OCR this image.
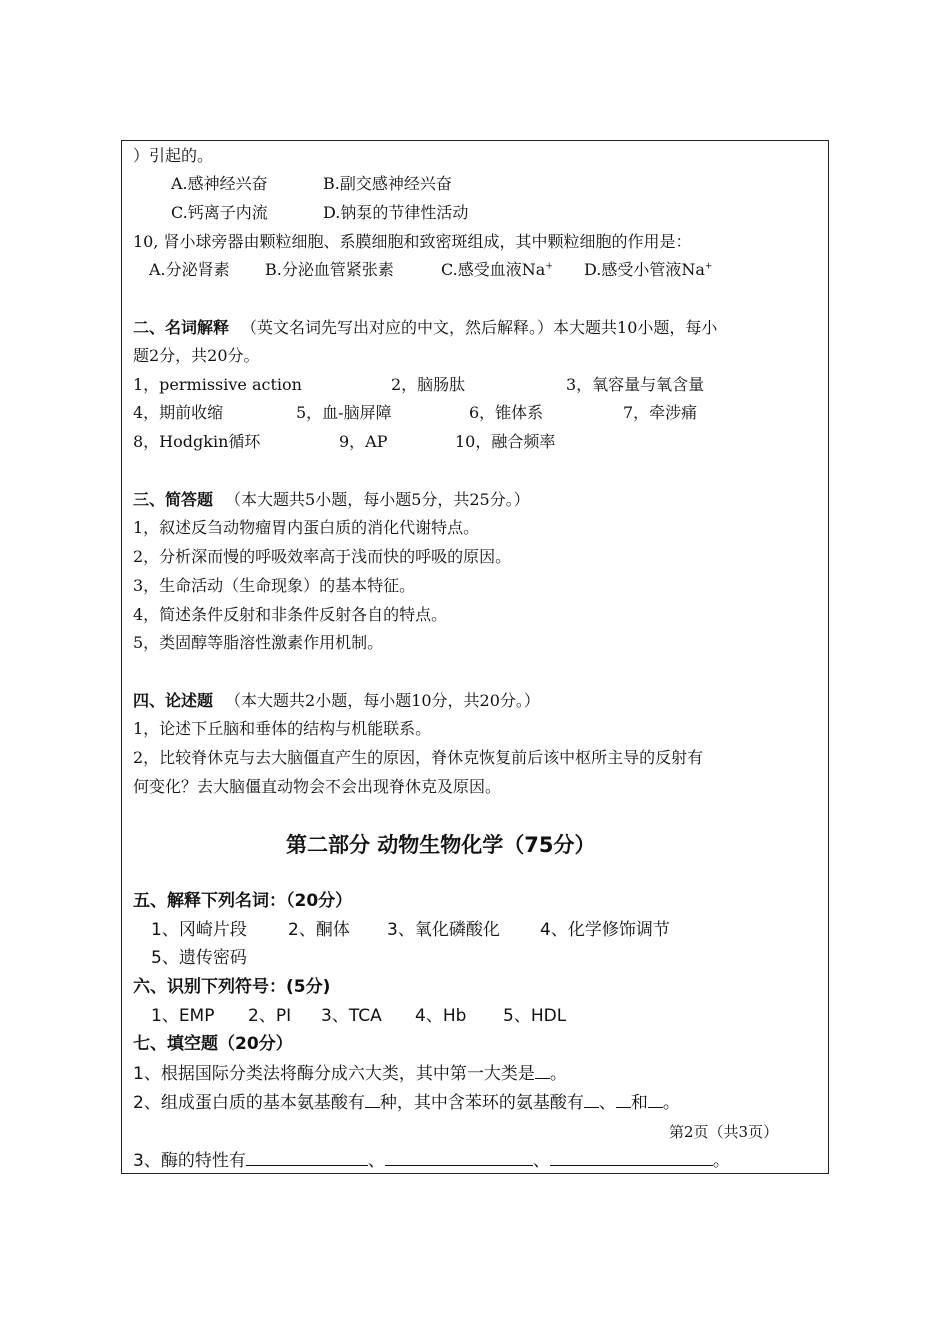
）引起的。
A.感神经兴奋	B.副交感神经兴奋
C.钙离子内流	D.钠泵的节律性活动
10, 肾小球旁器由颗粒细胞、系膜细胞和致密斑组成，其中颗粒细胞的作用是：
A.分泌肾素 B.分泌血管紧张素	C.感受血液Na+ D.感受小管液Na+
二、名词解释 （英文名词先写出对应的中文，然后解释。）本大题共10小题，每小
题2分，共20分。
1，permissive action	2，脑肠肽	3，氧容量与氧含量
4，期前收缩	5，血-脑屏障	6，锥体系	7，牵涉痛
8，Hodgkin循环	9，AP	10，融合频率
三、简答题 （本大题共5小题，每小题5分，共25分。）
1，叙述反刍动物瘤胃内蛋白质的消化代谢特点。
2，分析深而慢的呼吸效率高于浅而快的呼吸的原因。
3，生命活动（生命现象）的基本特征。
4，简述条件反射和非条件反射各自的特点。
5，类固醇等脂溶性激素作用机制。
四、论述题 （本大题共2小题，每小题10分，共20分。）
1，论述下丘脑和垂体的结构与机能联系。
2，比较脊休克与去大脑僵直产生的原因，脊休克恢复前后该中枢所主导的反射有
何变化？去大脑僵直动物会不会出现脊休克及原因。
第二部分 动物生物化学（75分）
五、解释下列名词：（20分）
1、冈崎片段 2、酮体 3、氧化磷酸化 4、化学修饰调节
5、遗传密码
六、识别下列符号：(5分)
1、EMP 2、PI 3、TCA 4、Hb 5、HDL
七、填空题（20分）
1、根据国际分类法将酶分成六大类，其中第一大类是 。
2、组成蛋白质的基本氨基酸有 种，其中含苯环的氨基酸有 、 和 。
第2页（共3页）
3、酶的特性有	、	、	。
